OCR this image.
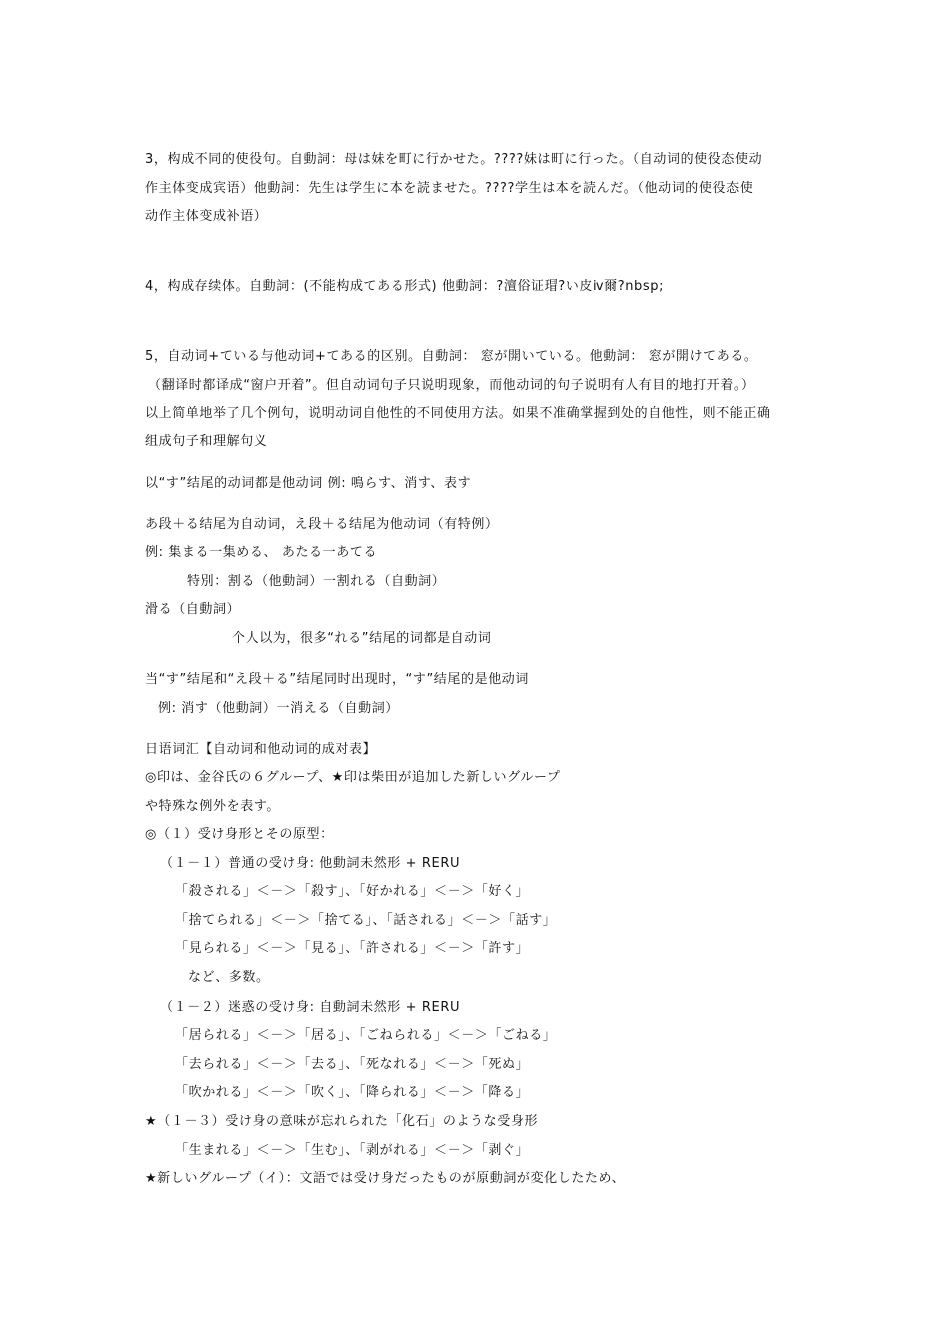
3，构成不同的使役句。自動詞：母は妹を町に行かせた。????妹は町に行った。（自动词的使役态使动
作主体变成宾语）他動詞：先生は学生に本を読ませた。????学生は本を読んだ。（他动词的使役态使
动作主体变成补语）
4，构成存续体。自動詞：(不能构成てある形式) 他動詞：?澶俗证瑁?い皮ⅳ爾?nbsp;
5，自动词+ている与他动词+てある的区别。自動詞： 窓が開いている。他動詞： 窓が開けてある。
（翻译时都译成“窗户开着”。但自动词句子只说明现象，而他动词的句子说明有人有目的地打开着。）
以上简单地举了几个例句，说明动词自他性的不同使用方法。如果不准确掌握到处的自他性，则不能正确
组成句子和理解句义
以“す”结尾的动词都是他动词 例: 鳴らす、消す、表す
あ段＋る结尾为自动词，え段＋る结尾为他动词（有特例）
例: 集まる一集める、 あたる一あてる
特別：割る（他動詞）一割れる（自動詞）
滑る（自動詞）
个人以为，很多“れる”结尾的词都是自动词
当“す”结尾和“え段＋る”结尾同时出现时，“す”结尾的是他动词
例: 消す（他動詞）一消える（自動詞）
日语词汇【自动词和他动词的成对表】
◎印は、金谷氏の６グループ、★印は柴田が追加した新しいグループ
や特殊な例外を表す。
◎（１）受け身形とその原型：
（１－１）普通の受け身: 他動詞未然形 + RERU
「殺される」＜－＞「殺す」、「好かれる」＜－＞「好く」
「捨てられる」＜－＞「捨てる」、「話される」＜－＞「話す」
「見られる」＜－＞「見る」、「許される」＜－＞「許す」
など、多数。
（１－２）迷惑の受け身: 自動詞未然形 + RERU
「居られる」＜－＞「居る」、「ごねられる」＜－＞「ごねる」
「去られる」＜－＞「去る」、「死なれる」＜－＞「死ぬ」
「吹かれる」＜－＞「吹く」、「降られる」＜－＞「降る」
★（１－３）受け身の意味が忘れられた「化石」のような受身形
「生まれる」＜－＞「生む」、「剥がれる」＜－＞「剥ぐ」
★新しいグループ（イ）：文語では受け身だったものが原動詞が変化したため、
